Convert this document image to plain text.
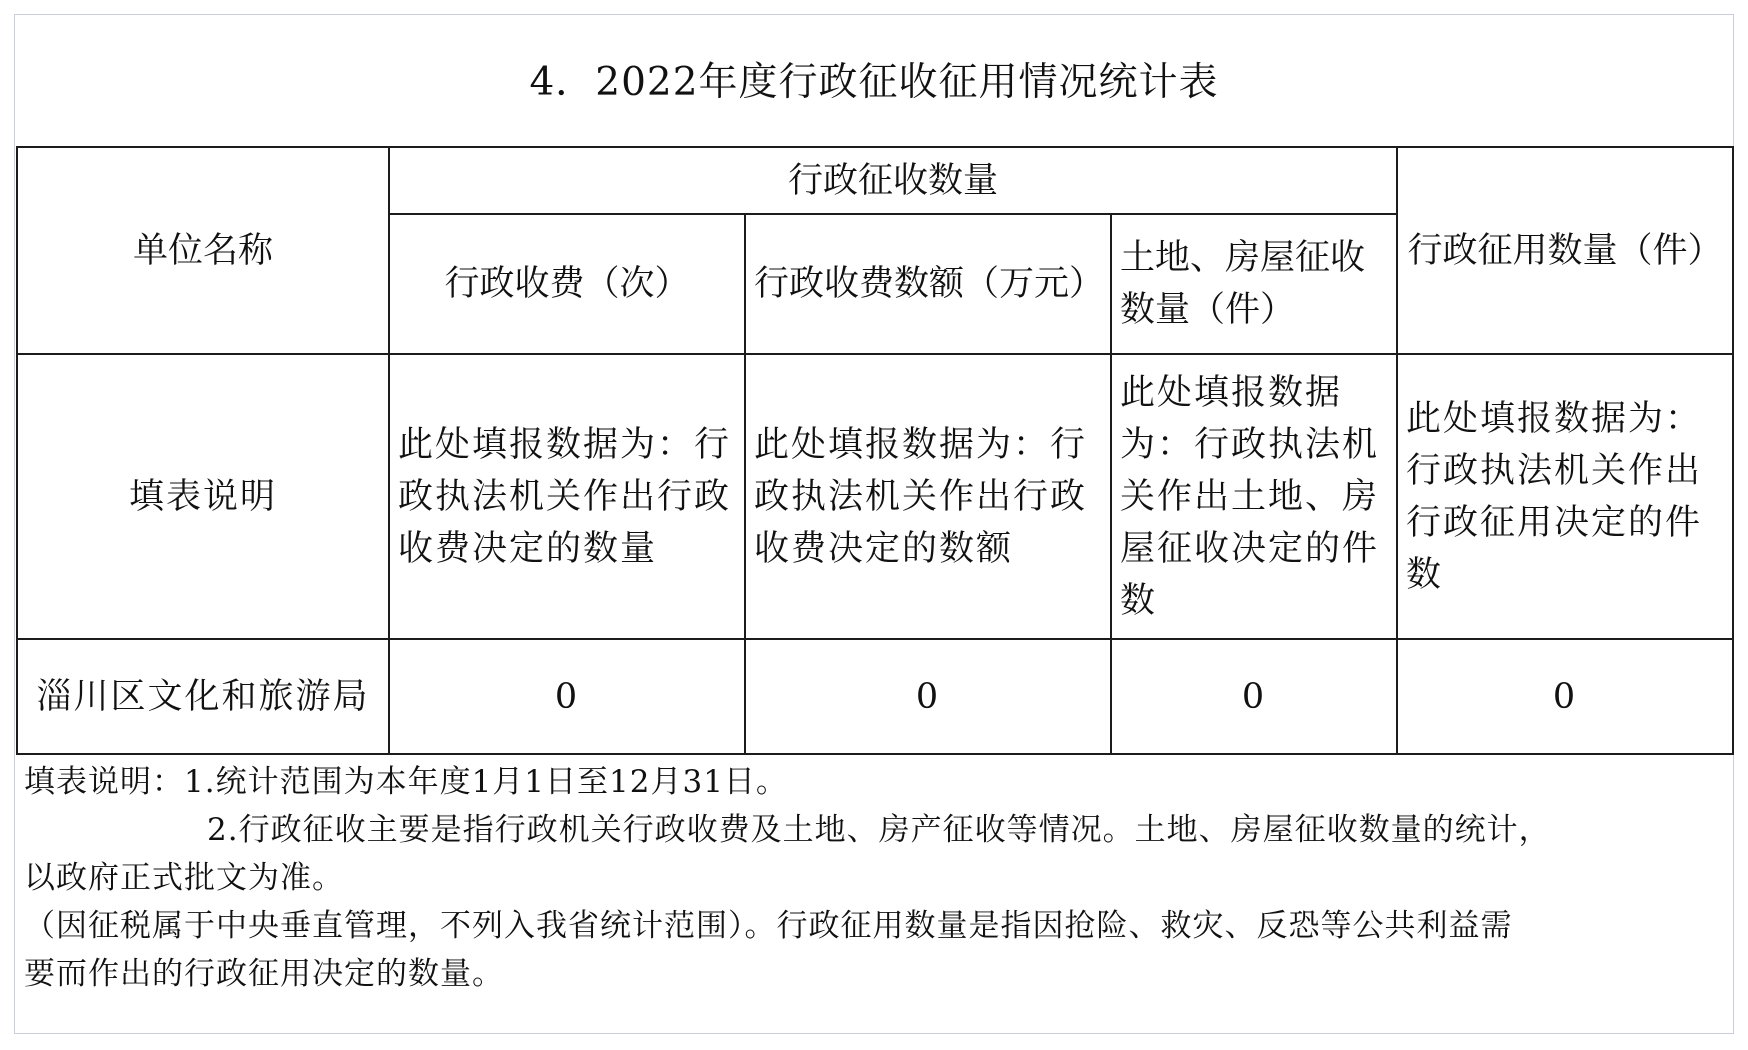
4．2022年度行政征收征用情况统计表
单位名称	行政征收数量			行政征用数量（件）
	行政收费（次）	行政收费数额（万元）	土地、房屋征收数量（件）	
填表说明	此处填报数据为：行政执法机关作出行政收费决定的数量	此处填报数据为：行政执法机关作出行政收费决定的数额	此处填报数据为：行政执法机关作出土地、房屋征收决定的件数	此处填报数据为：行政执法机关作出行政征用决定的件数
淄川区文化和旅游局	0	0	0	0
填表说明：1.统计范围为本年度1月1日至12月31日。
2.行政征收主要是指行政机关行政收费及土地、房产征收等情况。土地、房屋征收数量的统计，
以政府正式批文为准。
（因征税属于中央垂直管理，不列入我省统计范围）。行政征用数量是指因抢险、救灾、反恐等公共利益需
要而作出的行政征用决定的数量。
